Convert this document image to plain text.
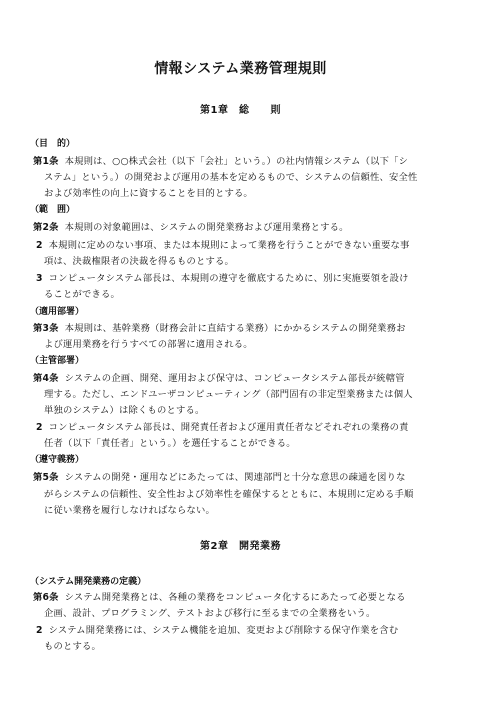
情報システム業務管理規則
第1章　総　　則
（目　的）
第1条 本規則は、○○株式会社（以下「会社」という。）の社内情報システム（以下「シ
ステム」という。）の開発および運用の基本を定めるもので、システムの信頼性、安全性
および効率性の向上に資することを目的とする。
（範　囲）
第2条 本規則の対象範囲は、システムの開発業務および運用業務とする。
2 本規則に定めのない事項、または本規則によって業務を行うことができない重要な事
項は、決裁権限者の決裁を得るものとする。
3 コンピュータシステム部長は、本規則の遵守を徹底するために、別に実施要領を設け
ることができる。
（適用部署）
第3条 本規則は、基幹業務（財務会計に直結する業務）にかかるシステムの開発業務お
よび運用業務を行うすべての部署に適用される。
（主管部署）
第4条 システムの企画、開発、運用および保守は、コンピュータシステム部長が統轄管
理する。ただし、エンドユーザコンピューティング（部門固有の非定型業務または個人
単独のシステム）は除くものとする。
2 コンピュータシステム部長は、開発責任者および運用責任者などそれぞれの業務の責
任者（以下「責任者」という。）を選任することができる。
（遵守義務）
第5条 システムの開発・運用などにあたっては、関連部門と十分な意思の疎通を図りな
がらシステムの信頼性、安全性および効率性を確保するとともに、本規則に定める手順
に従い業務を履行しなければならない。
第2章　開発業務
（システム開発業務の定義）
第6条 システム開発業務とは、各種の業務をコンピュータ化するにあたって必要となる
企画、設計、プログラミング、テストおよび移行に至るまでの全業務をいう。
2 システム開発業務には、システム機能を追加、変更および削除する保守作業を含む
ものとする。
